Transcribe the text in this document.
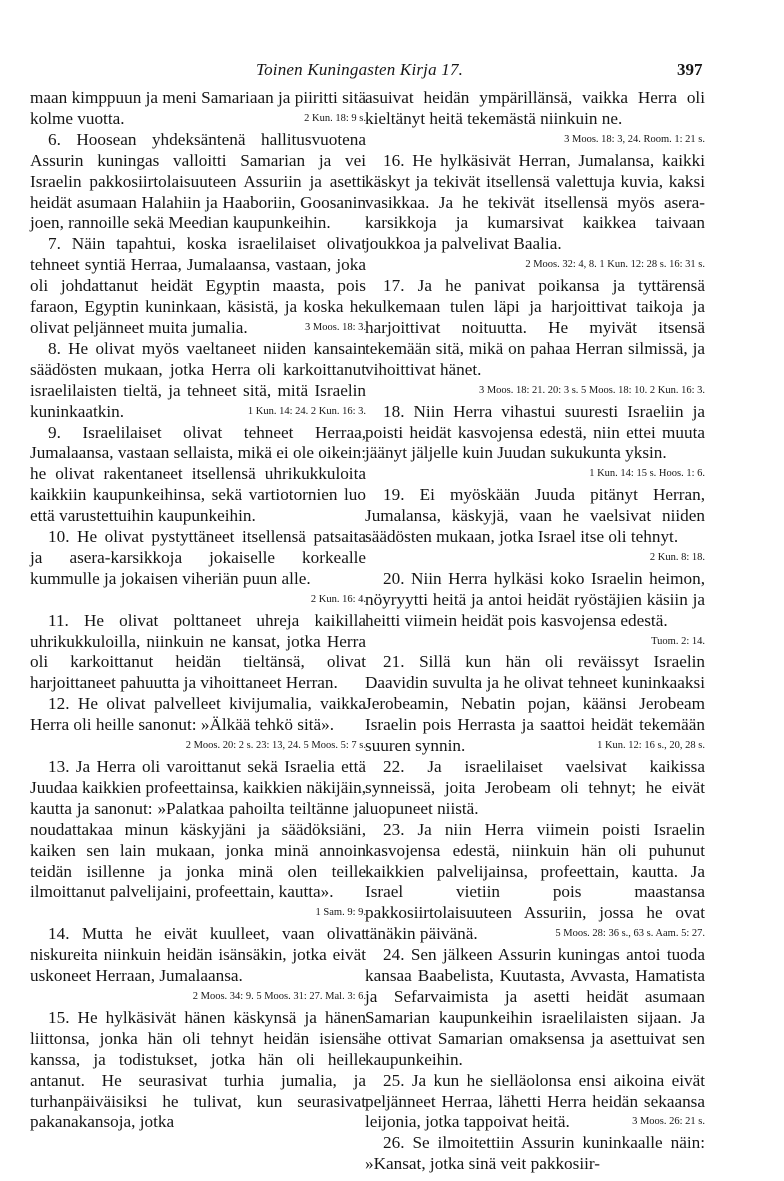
Toinen Kuningasten Kirja 17.	397

maan kimppuun ja meni Samariaan ja piiritti sitä kolme vuotta.	2 Kun. 18: 9 s.

6. Hoosean yhdeksäntenä hallitusvuotena Assurin kuningas valloitti Samarian ja vei Israelin pakkosiirtolaisuuteen Assuriin ja asetti heidät asumaan Halahiin ja Haaboriin, Goosanin joen, rannoille sekä Meedian kaupunkeihin.

7. Näin tapahtui, koska israelilaiset olivat tehneet syntiä Herraa, Jumalaansa, vastaan, joka oli johdattanut heidät Egyptin maasta, pois faraon, Egyptin kuninkaan, käsistä, ja koska he olivat peljänneet muita jumalia.	3 Moos. 18: 3.

8. He olivat myös vaeltaneet niiden kansain säädösten mukaan, jotka Herra oli karkoittanut israelilaisten tieltä, ja tehneet sitä, mitä Israelin kuninkaatkin.	1 Kun. 14: 24. 2 Kun. 16: 3.

9. Israelilaiset olivat tehneet Herraa, Jumalaansa, vastaan sellaista, mikä ei ole oikein: he olivat rakentaneet itsellensä uhrikukkuloita kaikkiin kaupunkeihinsa, sekä vartiotornien luo että varustettuihin kaupunkeihin.

10. He olivat pystyttäneet itsellensä patsaita ja asera-karsikkoja jokaiselle korkealle kummulle ja jokaisen viheriän puun alle.
2 Kun. 16: 4.

11. He olivat polttaneet uhreja kaikilla uhrikukkuloilla, niinkuin ne kansat, jotka Herra oli karkoittanut heidän tieltänsä, olivat harjoittaneet pahuutta ja vihoittaneet Herran.

12. He olivat palvelleet kivijumalia, vaikka Herra oli heille sanonut: »Älkää tehkö sitä».
2 Moos. 20: 2 s. 23: 13, 24. 5 Moos. 5: 7 s.

13. Ja Herra oli varoittanut sekä Israelia että Juudaa kaikkien profeettainsa, kaikkien näkijäin, kautta ja sanonut: »Palatkaa pahoilta teiltänne ja noudattakaa minun käskyjäni ja säädöksiäni, kaiken sen lain mukaan, jonka minä annoin teidän isillenne ja jonka minä olen teille ilmoittanut palvelijaini, profeettain, kautta».
1 Sam. 9: 9.

14. Mutta he eivät kuulleet, vaan olivat niskureita niinkuin heidän isänsäkin, jotka eivät uskoneet Herraan, Jumalaansa.
2 Moos. 34: 9. 5 Moos. 31: 27. Mal. 3: 6.

15. He hylkäsivät hänen käskynsä ja hänen liittonsa, jonka hän oli tehnyt heidän isiensä kanssa, ja todistukset, jotka hän oli heille antanut. He seurasivat turhia jumalia, ja turhanpäiväisiksi he tulivat, kun seurasivat pakanakansoja, jotka

asuivat heidän ympärillänsä, vaikka Herra oli kieltänyt heitä tekemästä niinkuin ne.
3 Moos. 18: 3, 24. Room. 1: 21 s.

16. He hylkäsivät Herran, Jumalansa, kaikki käskyt ja tekivät itsellensä valettuja kuvia, kaksi vasikkaa. Ja he tekivät itsellensä myös asera-karsikkoja ja kumarsivat kaikkea taivaan joukkoa ja palvelivat Baalia.
2 Moos. 32: 4, 8. 1 Kun. 12: 28 s. 16: 31 s.

17. Ja he panivat poikansa ja tyttärensä kulkemaan tulen läpi ja harjoittivat taikoja ja harjoittivat noituutta. He myivät itsensä tekemään sitä, mikä on pahaa Herran silmissä, ja vihoittivat hänet.
3 Moos. 18: 21. 20: 3 s. 5 Moos. 18: 10. 2 Kun. 16: 3.

18. Niin Herra vihastui suuresti Israeliin ja poisti heidät kasvojensa edestä, niin ettei muuta jäänyt jäljelle kuin Juudan sukukunta yksin.
1 Kun. 14: 15 s. Hoos. 1: 6.

19. Ei myöskään Juuda pitänyt Herran, Jumalansa, käskyjä, vaan he vaelsivat niiden säädösten mukaan, jotka Israel itse oli tehnyt.
2 Kun. 8: 18.

20. Niin Herra hylkäsi koko Israelin heimon, nöyryytti heitä ja antoi heidät ryöstäjien käsiin ja heitti viimein heidät pois kasvojensa edestä.
Tuom. 2: 14.

21. Sillä kun hän oli reväissyt Israelin Daavidin suvulta ja he olivat tehneet kuninkaaksi Jerobeamin, Nebatin pojan, käänsi Jerobeam Israelin pois Herrasta ja saattoi heidät tekemään suuren synnin.	1 Kun. 12: 16 s., 20, 28 s.

22. Ja israelilaiset vaelsivat kaikissa synneissä, joita Jerobeam oli tehnyt; he eivät luopuneet niistä.

23. Ja niin Herra viimein poisti Israelin kasvojensa edestä, niinkuin hän oli puhunut kaikkien palvelijainsa, profeettain, kautta. Ja Israel vietiin pois maastansa pakkosiirtolaisuuteen Assuriin, jossa he ovat tänäkin päivänä.	5 Moos. 28: 36 s., 63 s. Aam. 5: 27.

24. Sen jälkeen Assurin kuningas antoi tuoda kansaa Baabelista, Kuutasta, Avvasta, Hamatista ja Sefarvaimista ja asetti heidät asumaan Samarian kaupunkeihin israelilaisten sijaan. Ja he ottivat Samarian omaksensa ja asettuivat sen kaupunkeihin.

25. Ja kun he sielläolonsa ensi aikoina eivät peljänneet Herraa, lähetti Herra heidän sekaansa leijonia, jotka tappoivat heitä.	3 Moos. 26: 21 s.

26. Se ilmoitettiin Assurin kuninkaalle näin: »Kansat, jotka sinä veit pakkosiir-
